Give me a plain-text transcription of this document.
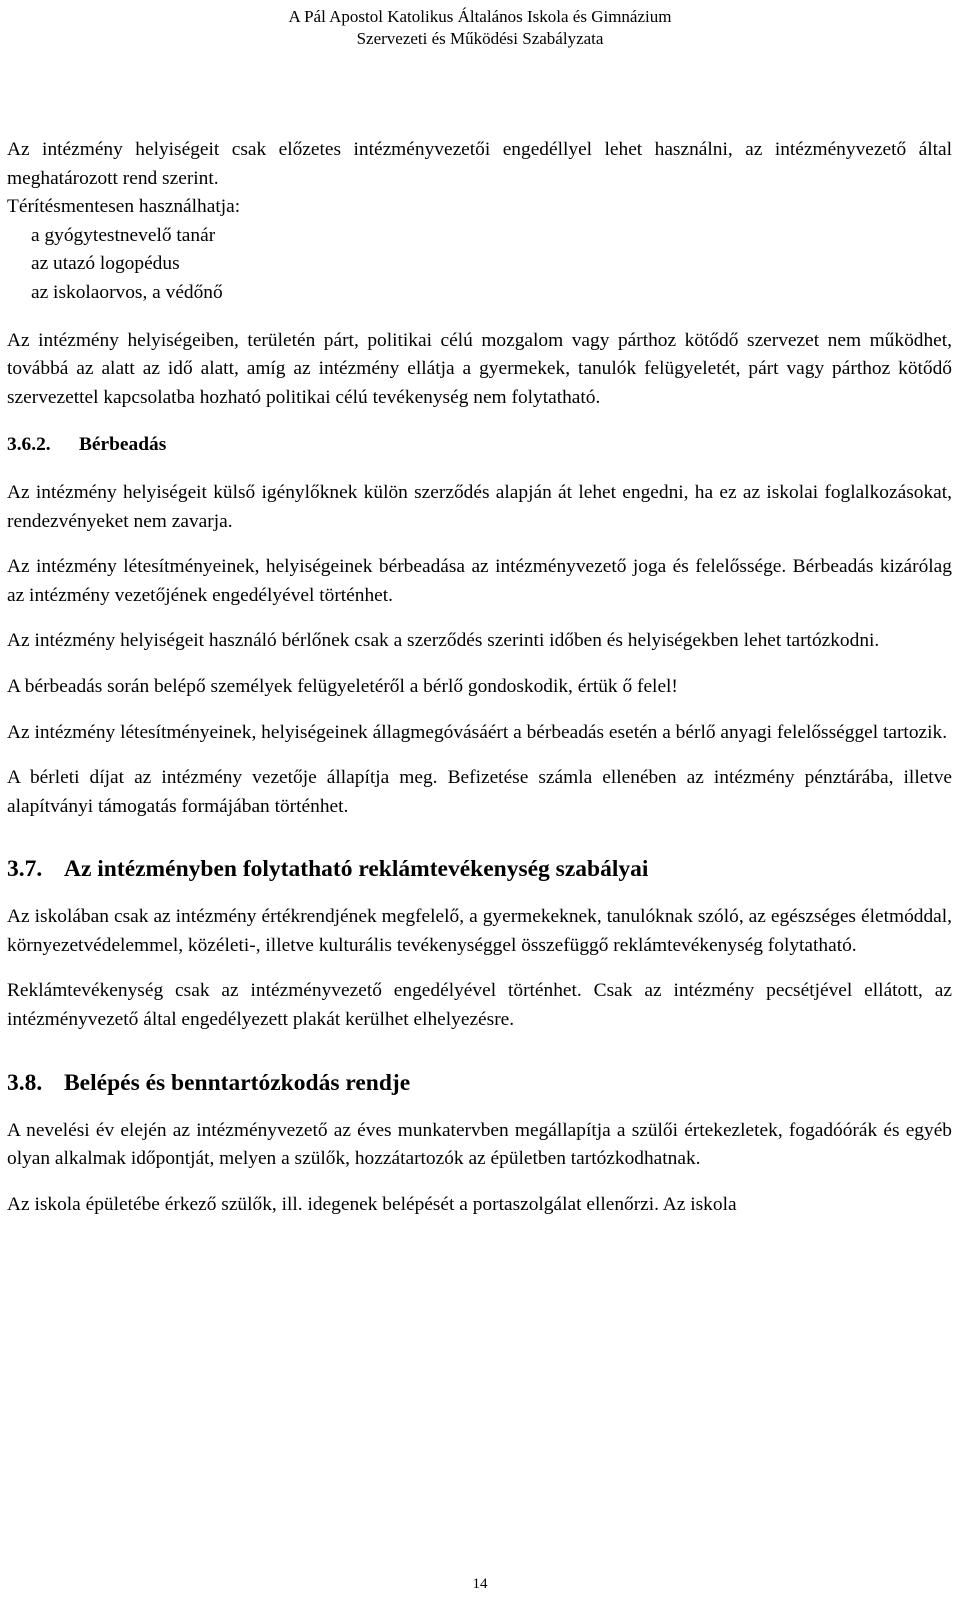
A Pál Apostol Katolikus Általános Iskola és Gimnázium
Szervezeti és Működési Szabályzata

Az intézmény helyiségeit csak előzetes intézményvezetői engedéllyel lehet használni, az intézményvezető által meghatározott rend szerint.

Térítésmentesen használhatja:
a gyógytestnevelő tanár
az utazó logopédus
az iskolaorvos, a védőnő

Az intézmény helyiségeiben, területén párt, politikai célú mozgalom vagy párthoz kötődő szervezet nem működhet, továbbá az alatt az idő alatt, amíg az intézmény ellátja a gyermekek, tanulók felügyeletét, párt vagy párthoz kötődő szervezettel kapcsolatba hozható politikai célú tevékenység nem folytatható.

3.6.2. Bérbeadás

Az intézmény helyiségeit külső igénylőknek külön szerződés alapján át lehet engedni, ha ez az iskolai foglalkozásokat, rendezvényeket nem zavarja.

Az intézmény létesítményeinek, helyiségeinek bérbeadása az intézményvezető joga és felelőssége. Bérbeadás kizárólag az intézmény vezetőjének engedélyével történhet.

Az intézmény helyiségeit használó bérlőnek csak a szerződés szerinti időben és helyiségekben lehet tartózkodni.

A bérbeadás során belépő személyek felügyeletéről a bérlő gondoskodik, értük ő felel!

Az intézmény létesítményeinek, helyiségeinek állagmegóvásáért a bérbeadás esetén a bérlő anyagi felelősséggel tartozik.

A bérleti díjat az intézmény vezetője állapítja meg. Befizetése számla ellenében az intézmény pénztárába, illetve alapítványi támogatás formájában történhet.

3.7. Az intézményben folytatható reklámtevékenység szabályai

Az iskolában csak az intézmény értékrendjének megfelelő, a gyermekeknek, tanulóknak szóló, az egészséges életmóddal, környezetvédelemmel, közéleti-, illetve kulturális tevékenységgel összefüggő reklámtevékenység folytatható.

Reklámtevékenység csak az intézményvezető engedélyével történhet. Csak az intézmény pecsétjével ellátott, az intézményvezető által engedélyezett plakát kerülhet elhelyezésre.

3.8. Belépés és benntartózkodás rendje

A nevelési év elején az intézményvezető az éves munkatervben megállapítja a szülői értekezletek, fogadóórák és egyéb olyan alkalmak időpontját, melyen a szülők, hozzátartozók az épületben tartózkodhatnak.

Az iskola épületébe érkező szülők, ill. idegenek belépését a portaszolgálat ellenőrzi. Az iskola

14
